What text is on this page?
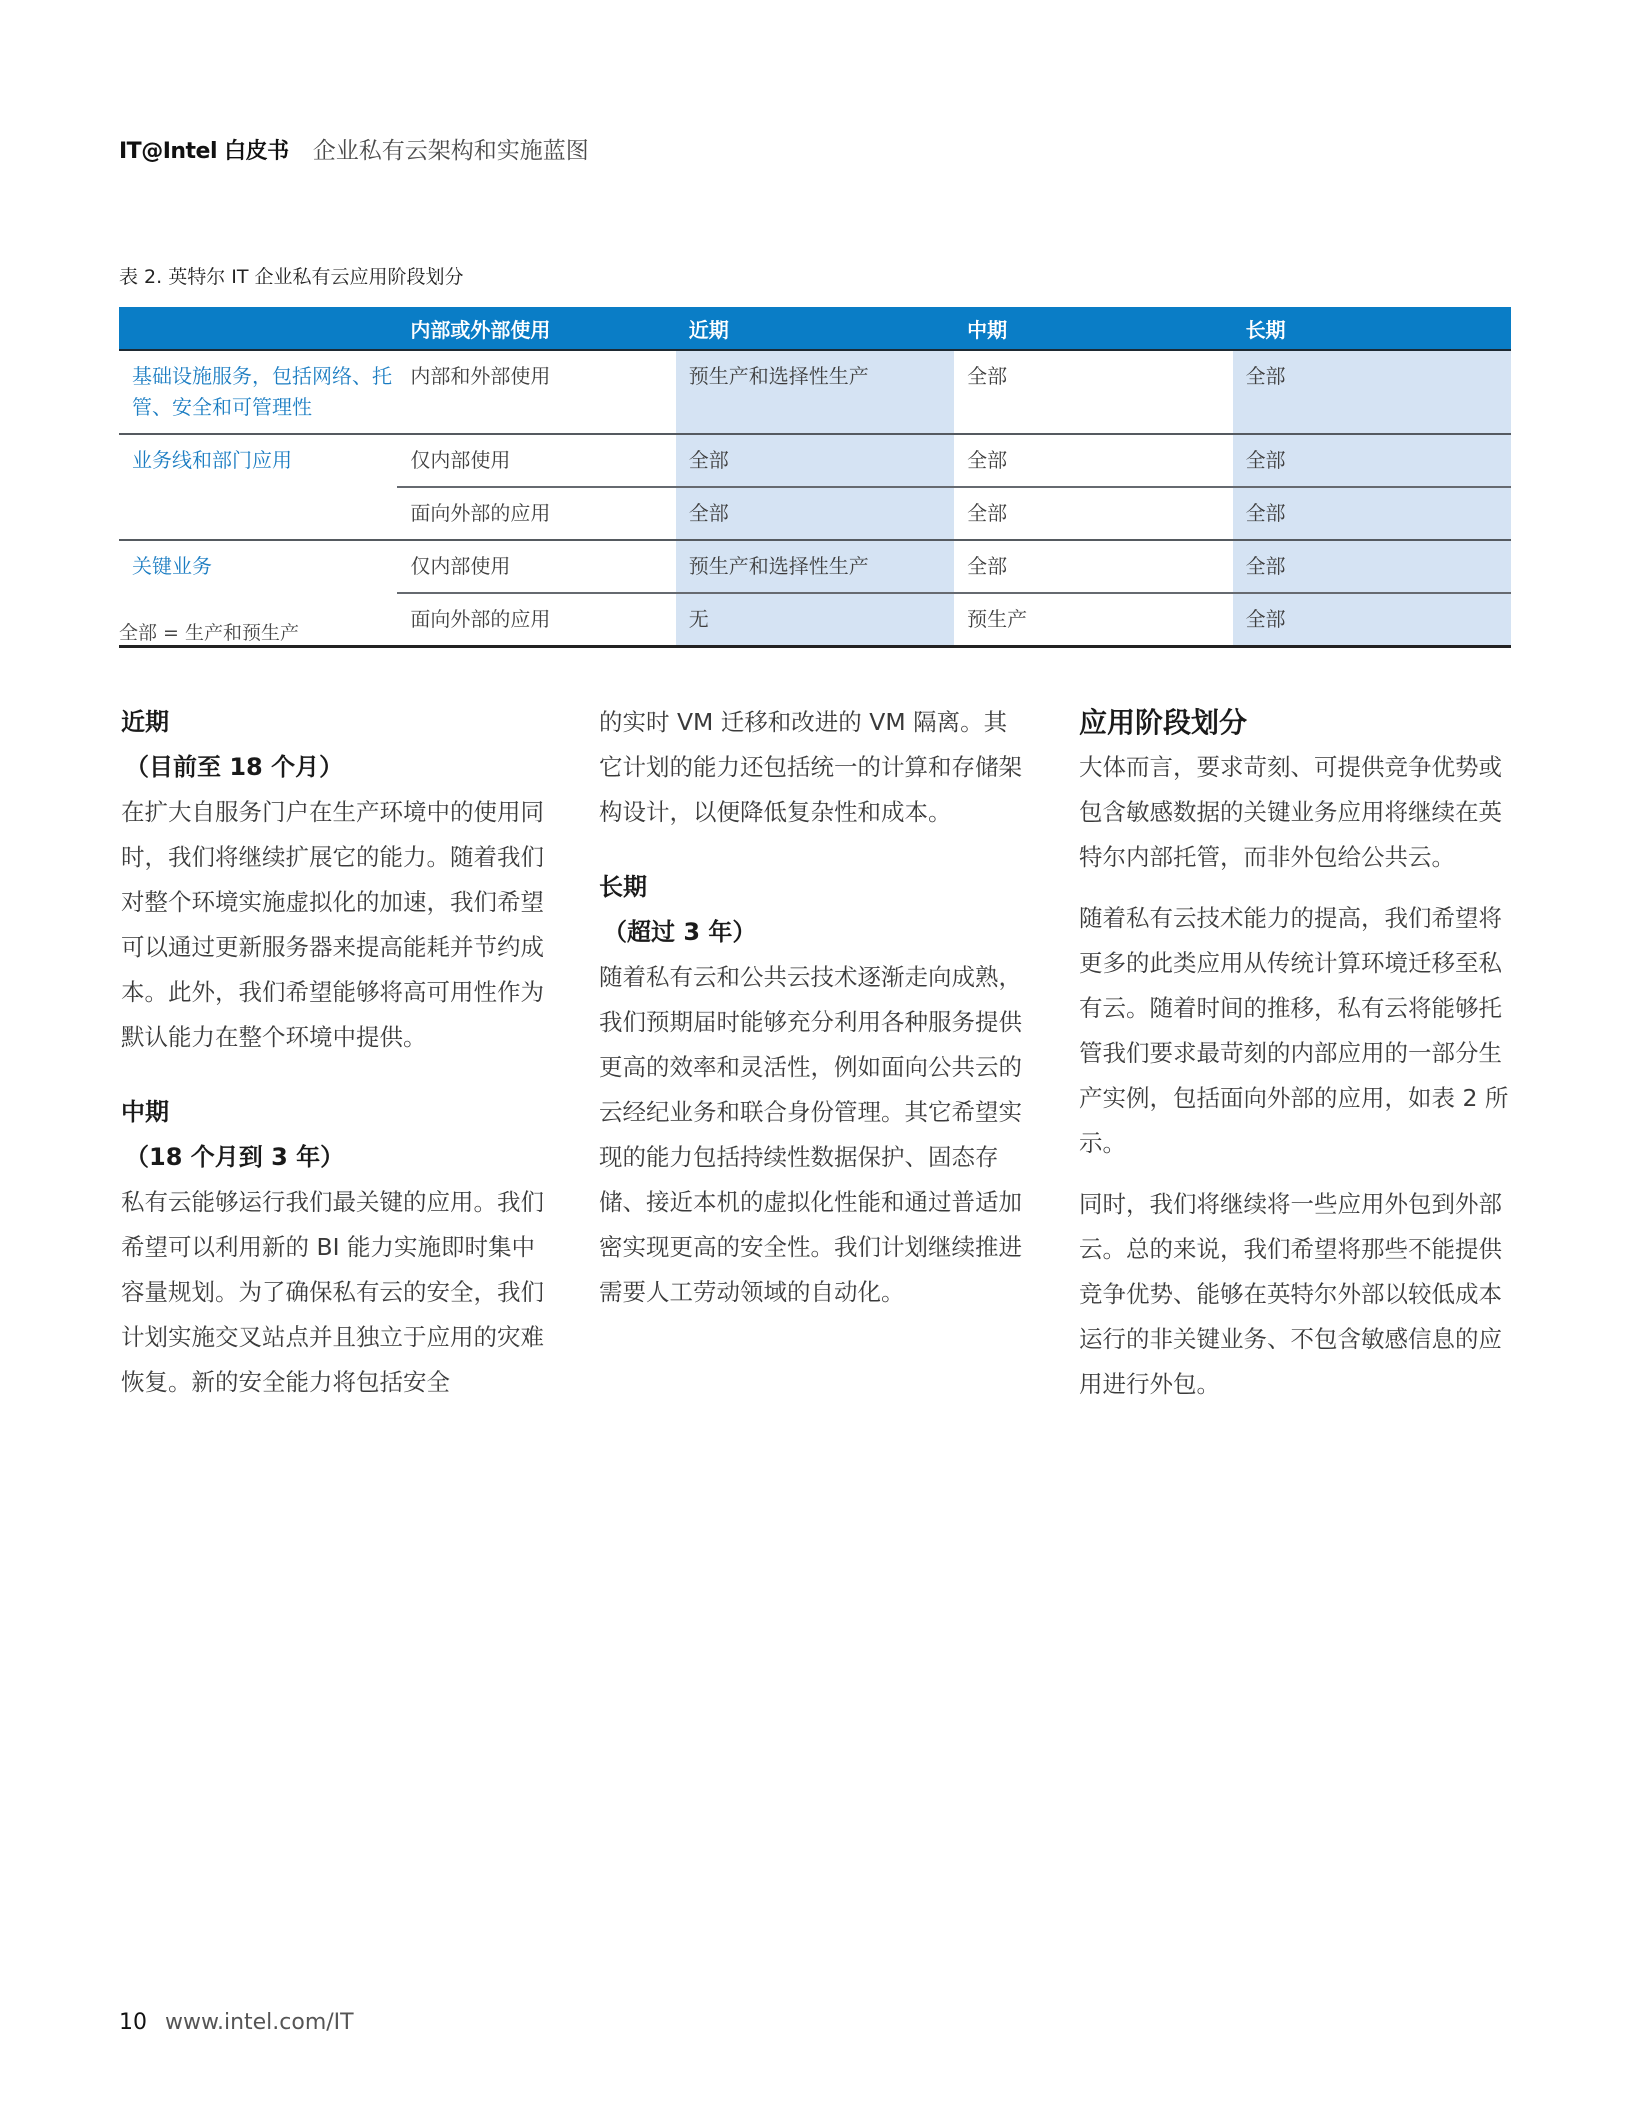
IT@Intel 白皮书 企业私有云架构和实施蓝图
表 2. 英特尔 IT 企业私有云应用阶段划分
	内部或外部使用	近期	中期	长期
基础设施服务，包括网络、托管、安全和可管理性	内部和外部使用	预生产和选择性生产	全部	全部
业务线和部门应用	仅内部使用	全部	全部	全部
	面向外部的应用	全部	全部	全部
关键业务	仅内部使用	预生产和选择性生产	全部	全部
	面向外部的应用	无	预生产	全部
全部 = 生产和预生产
近期
（目前至 18 个月）

在扩大自服务门户在生产环境中的使用同时，我们将继续扩展它的能力。随着我们对整个环境实施虚拟化的加速，我们希望可以通过更新服务器来提高能耗并节约成本。此外，我们希望能够将高可用性作为默认能力在整个环境中提供。

中期
（18 个月到 3 年）

私有云能够运行我们最关键的应用。我们希望可以利用新的 BI 能力实施即时集中容量规划。为了确保私有云的安全，我们计划实施交叉站点并且独立于应用的灾难恢复。新的安全能力将包括安全

的实时 VM 迁移和改进的 VM 隔离。其它计划的能力还包括统一的计算和存储架构设计，以便降低复杂性和成本。

长期
（超过 3 年）

随着私有云和公共云技术逐渐走向成熟，我们预期届时能够充分利用各种服务提供更高的效率和灵活性，例如面向公共云的云经纪业务和联合身份管理。其它希望实现的能力包括持续性数据保护、固态存储、接近本机的虚拟化性能和通过普适加密实现更高的安全性。我们计划继续推进需要人工劳动领域的自动化。

应用阶段划分

大体而言，要求苛刻、可提供竞争优势或包含敏感数据的关键业务应用将继续在英特尔内部托管，而非外包给公共云。

随着私有云技术能力的提高，我们希望将更多的此类应用从传统计算环境迁移至私有云。随着时间的推移，私有云将能够托管我们要求最苛刻的内部应用的一部分生产实例，包括面向外部的应用，如表 2 所示。

同时，我们将继续将一些应用外包到外部云。总的来说，我们希望将那些不能提供竞争优势、能够在英特尔外部以较低成本运行的非关键业务、不包含敏感信息的应用进行外包。

10 www.intel.com/IT
